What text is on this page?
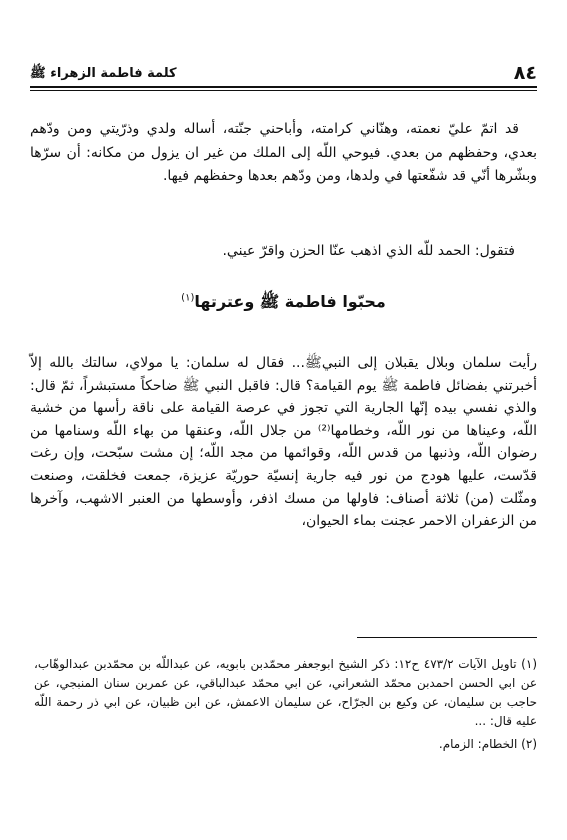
٨٤
كلمة فاطمة الزهراء ﷺ

قد اتمّ عليّ نعمته، وهنّاني كرامته، وأباحني جنّته، أساله ولدي وذرّيتي ومن ودّهم بعدي، وحفظهم من بعدي. فيوحي اللّه إلى الملك من غير ان يزول من مكانه: أن سرّها وبشّرها أنّي قد شفّعتها في ولدها، ومن ودّهم بعدها وحفظهم فيها.

فتقول: الحمد للّه الذي اذهب عنّا الحزن واقرّ عيني.

محبّوا فاطمة ﷺ وعترتها$^{(١)}$

رأيت سلمان وبلال يقبلان إلى النبيﷺ... فقال له سلمان: يا مولاي، سالتك بالله إلاّ أخبرتني بفضائل فاطمة ﷺ يوم القيامة؟ قال: فاقبل النبي ﷺ ضاحكاً مستبشراً، ثمّ قال: والذي نفسي بيده إنّها الجارية التي تجوز في عرصة القيامة على ناقة رأسها من خشية اللّه، وعيناها من نور اللّه، وخطامها⁽²⁾ من جلال اللّه، وعنقها من بهاء اللّه وسنامها من رضوان اللّه، وذنبها من قدس اللّه، وقوائمها من مجد اللّه؛ إن مشت سبّحت، وإن رغت قدّست، عليها هودج من نور فيه جارية إنسيّة حوريّة عزيزة، جمعت فخلقت، وصنعت ومثّلت (من) ثلاثة أصناف: فاولها من مسك اذفر، وأوسطها من العنبر الاشهب، وآخرها من الزعفران الاحمر عجنت بماء الحيوان،

(١) تاويل الآيات ٤٧٣/٢ ح١٢: ذكر الشيخ ابوجعفر محمّدبن بابويه، عن عبداللّه بن محمّدبن عبدالوهّاب، عن ابي الحسن احمدبن محمّد الشعراني، عن ابي محمّد عبدالباقي، عن عمربن سنان المنبجي، عن حاجب بن سليمان، عن وكيع بن الجرّاح، عن سليمان الاعمش، عن ابن ظبيان، عن ابي ذر رحمة اللّه عليه قال: ...

(٢) الخطام: الزمام.
